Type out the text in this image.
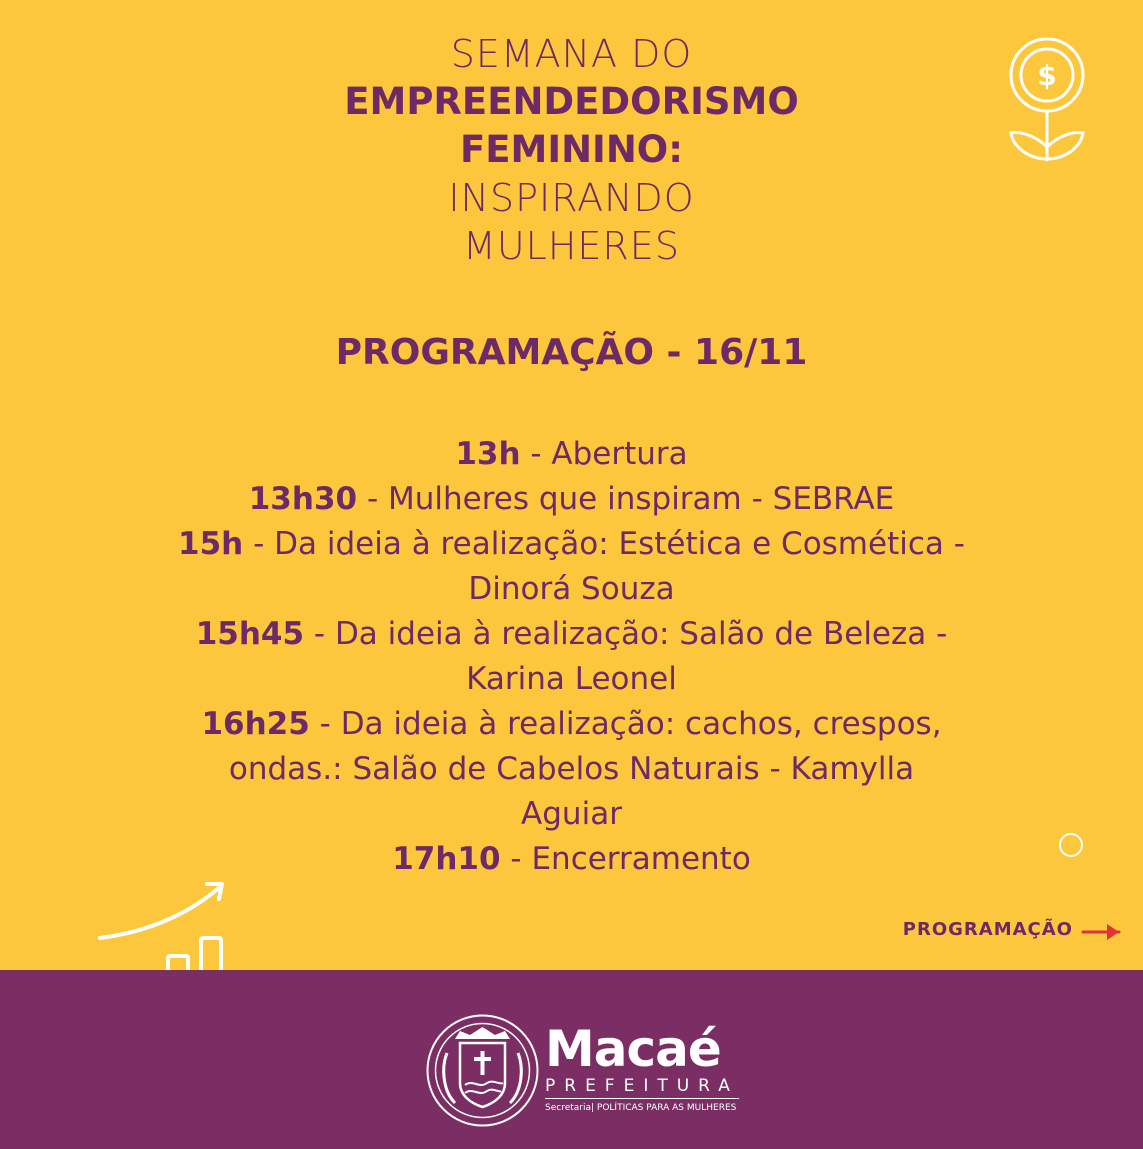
$
SEMANA DO
EMPREENDEDORISMO
FEMININO:
INSPIRANDO
MULHERES
PROGRAMAÇÃO - 16/11
13h - Abertura
13h30 - Mulheres que inspiram - SEBRAE
15h - Da ideia à realização: Estética e Cosmética -
Dinorá Souza
15h45 - Da ideia à realização: Salão de Beleza -
Karina Leonel
16h25 - Da ideia à realização: cachos, crespos,
ondas.: Salão de Cabelos Naturais - Kamylla
Aguiar
17h10 - Encerramento
PROGRAMAÇÃO
Macaé
PREFEITURA
Secretaria| POLÍTICAS PARA AS MULHERES
